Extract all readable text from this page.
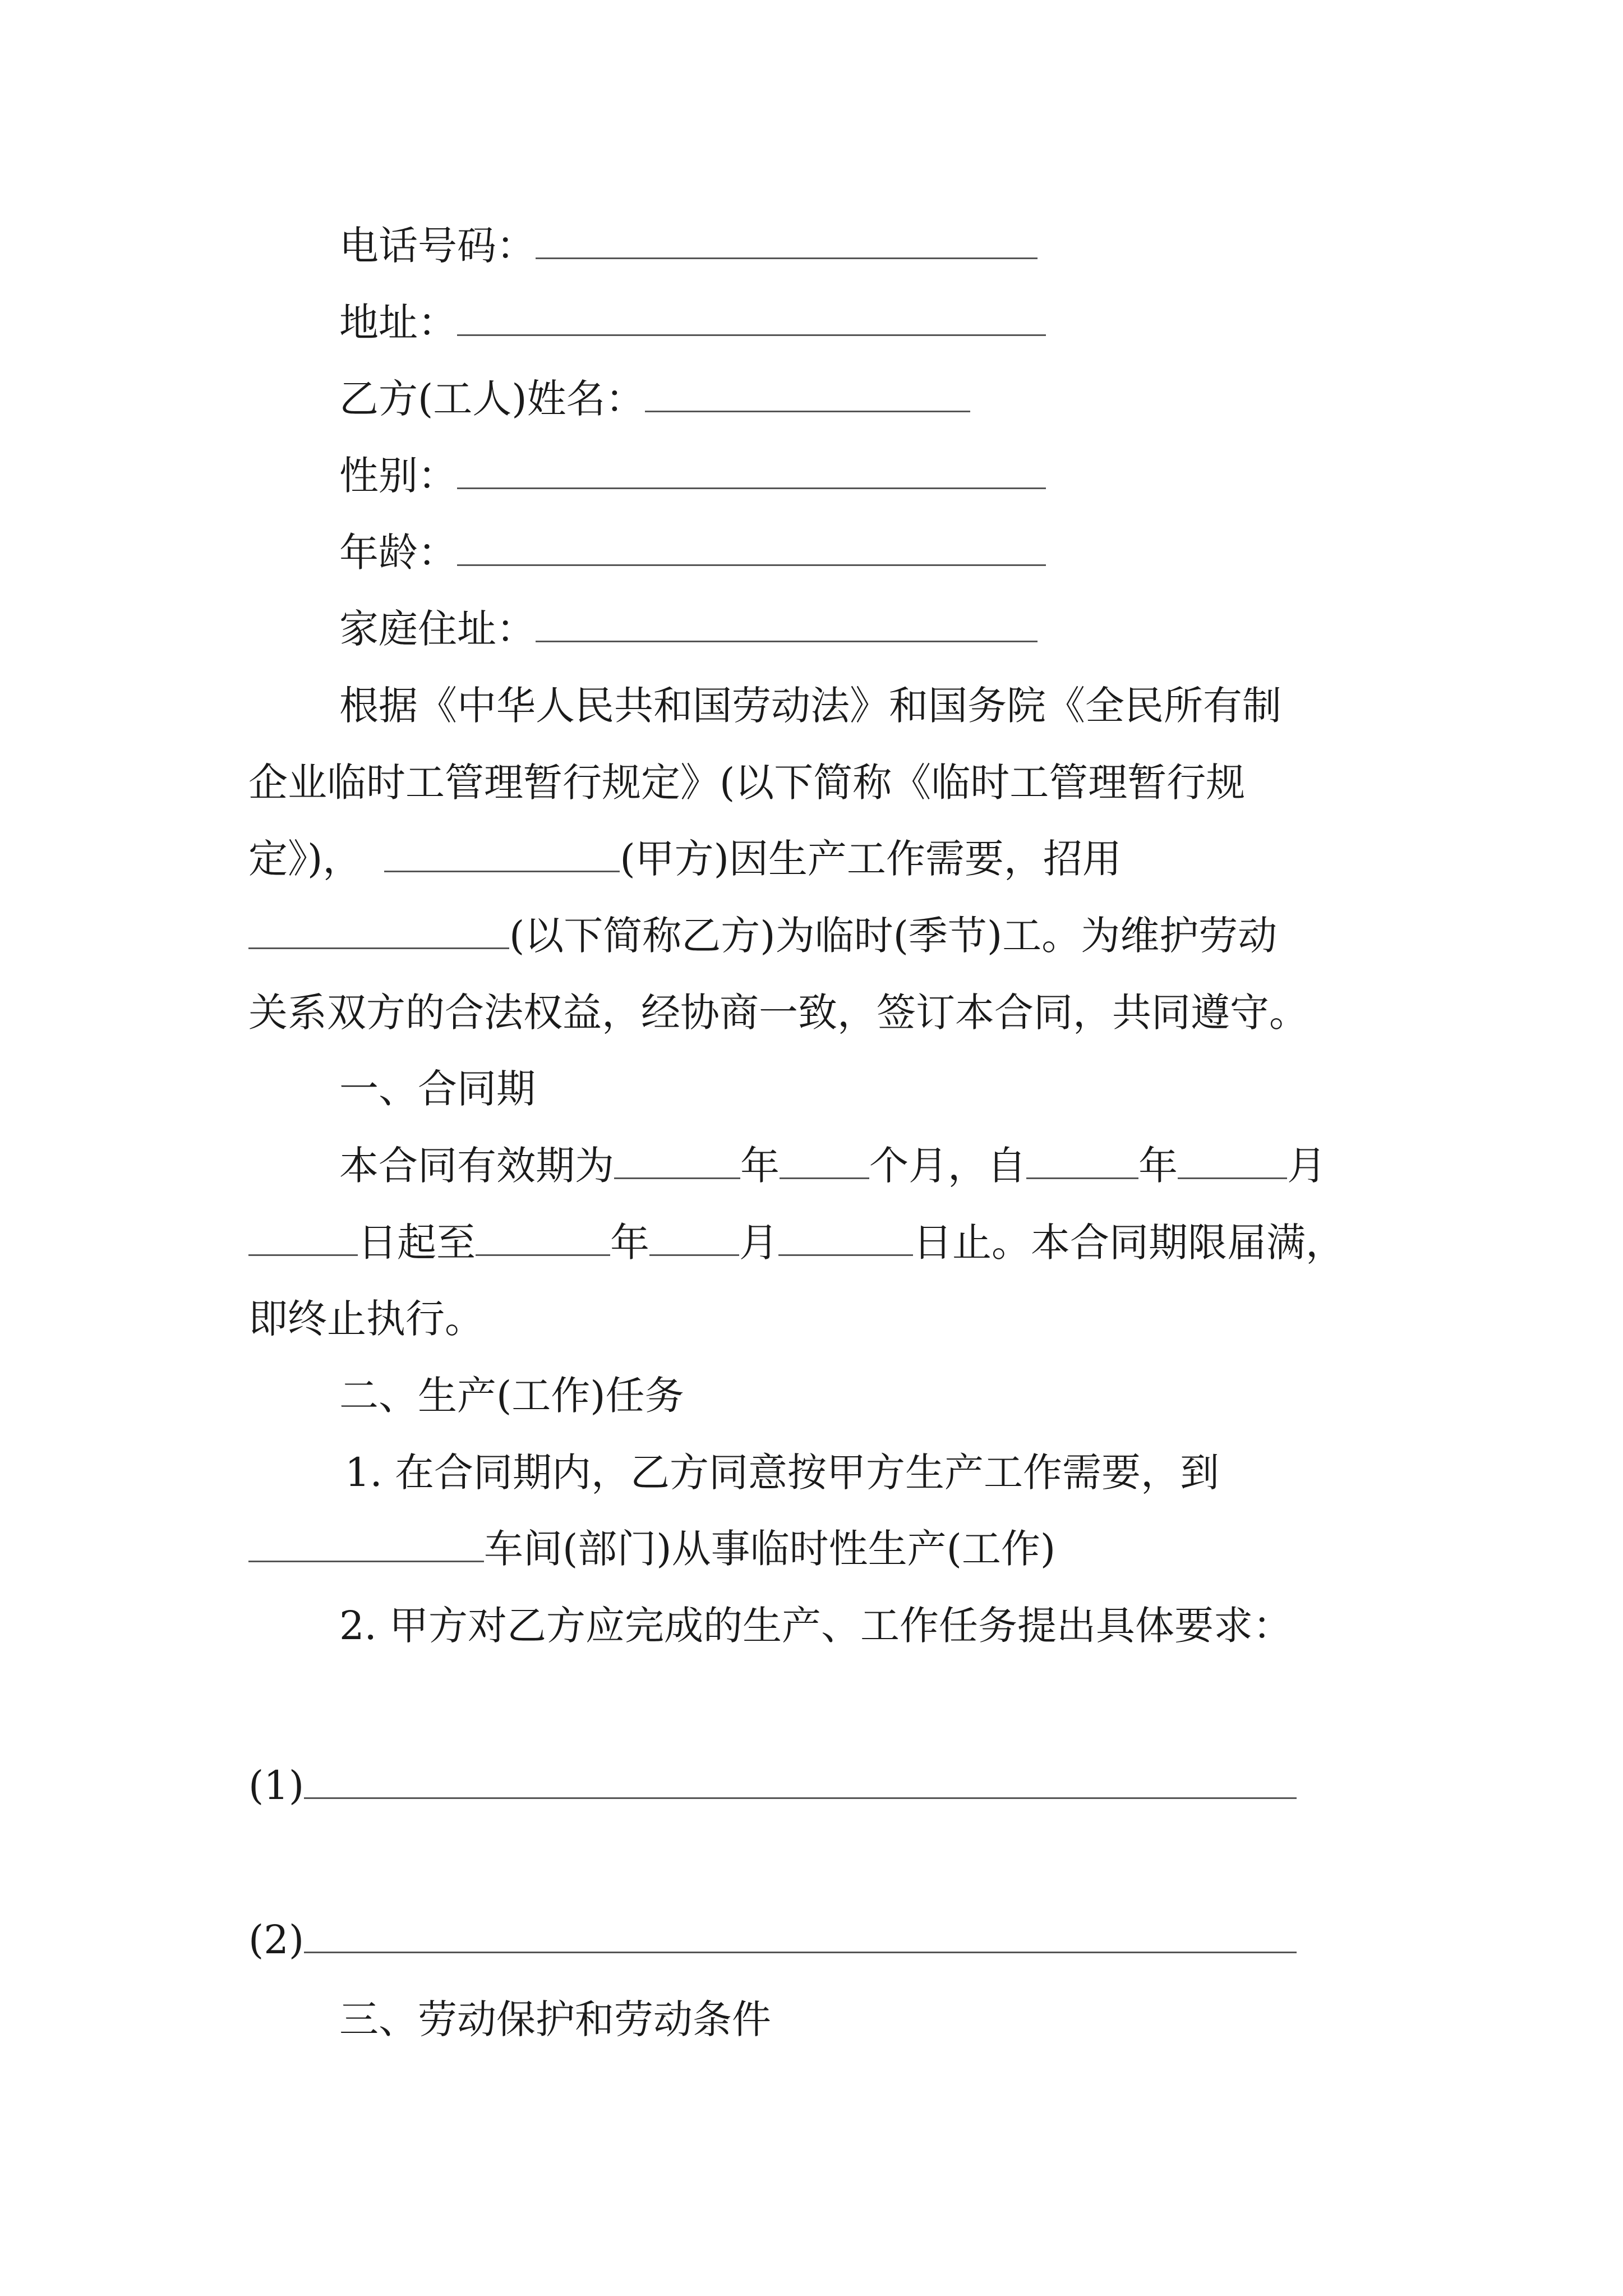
电话号码：
地址：
乙方(工人)姓名：
性别：
年龄：
家庭住址：
根据《中华人民共和国劳动法》和国务院《全民所有制
企业临时工管理暂行规定》(以下简称《临时工管理暂行规
定》)，	(甲方)因生产工作需要，招用
(以下简称乙方)为临时(季节)工。为维护劳动
关系双方的合法权益，经协商一致，签订本合同，共同遵守。
一、合同期
本合同有效期为	年 个月，自	年	月
日起至	年 月	日止。本合同期限届满，
即终止执行。
二、生产(工作)任务
1. 在合同期内，乙方同意按甲方生产工作需要，到
车间(部门)从事临时性生产(工作)
2. 甲方对乙方应完成的生产、工作任务提出具体要求：
(1)
(2)
三、劳动保护和劳动条件
